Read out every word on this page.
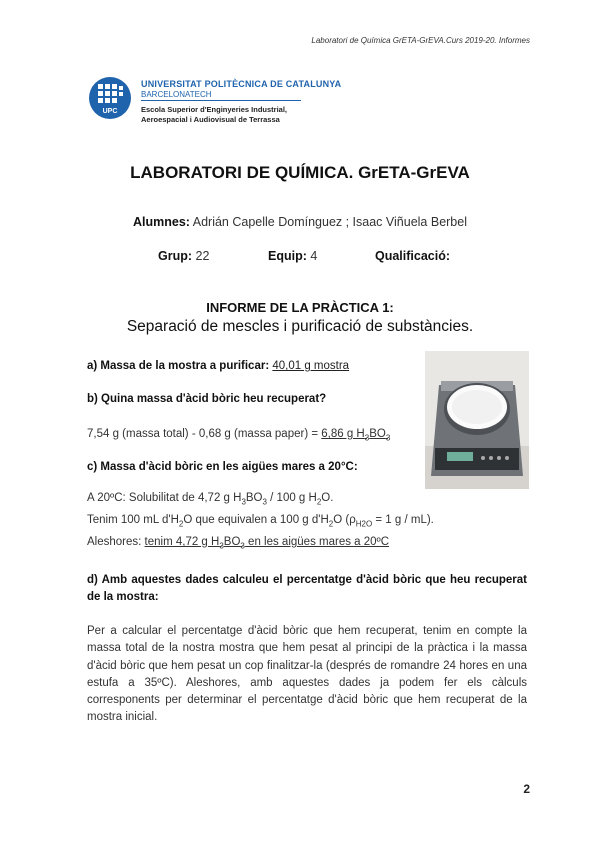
Laboratori de Química GrETA-GrEVA.Curs 2019-20. Informes
UPC
UNIVERSITAT POLITÈCNICA DE CATALUNYA
BARCELONATECH
Escola Superior d'Enginyeries Industrial,
Aeroespacial i Audiovisual de Terrassa
LABORATORI DE QUÍMICA. GrETA-GrEVA
Alumnes: Adrián Capelle Domínguez ; Isaac Viñuela Berbel
Grup: 22	Equip: 4	Qualificació:
INFORME DE LA PRÀCTICA 1:
Separació de mescles i purificació de substàncies.
a) Massa de la mostra a purificar: 40,01 g mostra
b) Quina massa d'àcid bòric heu recuperat?
7,54 g (massa total) - 0,68 g (massa paper) = 6,86 g $H_3BO_3$
c) Massa d'àcid bòric en les aigües mares a 20°C:
A 20ºC: Solubilitat de 4,72 g $H_3BO_3 / 100$ g $H_2O$.
Tenim 100 mL $d'H_2O$ que equivalen a 100 g $d'H_2O$ ($\rho_{H2O} = 1$ g / mL).
Aleshores: tenim 4,72 g $H_3BO_3$ en les aigües mares a 20ºC
d) Amb aquestes dades calculeu el percentatge d'àcid bòric que heu recuperat de la mostra:
Per a calcular el percentatge d'àcid bòric que hem recuperat, tenim en compte la massa total de la nostra mostra que hem pesat al principi de la pràctica i la massa d'àcid bòric que hem pesat un cop finalitzar-la (després de romandre 24 hores en una estufa a 35ºC). Aleshores, amb aquestes dades ja podem fer els càlculs corresponents per determinar el percentatge d'àcid bòric que hem recuperat de la mostra inicial.
2
